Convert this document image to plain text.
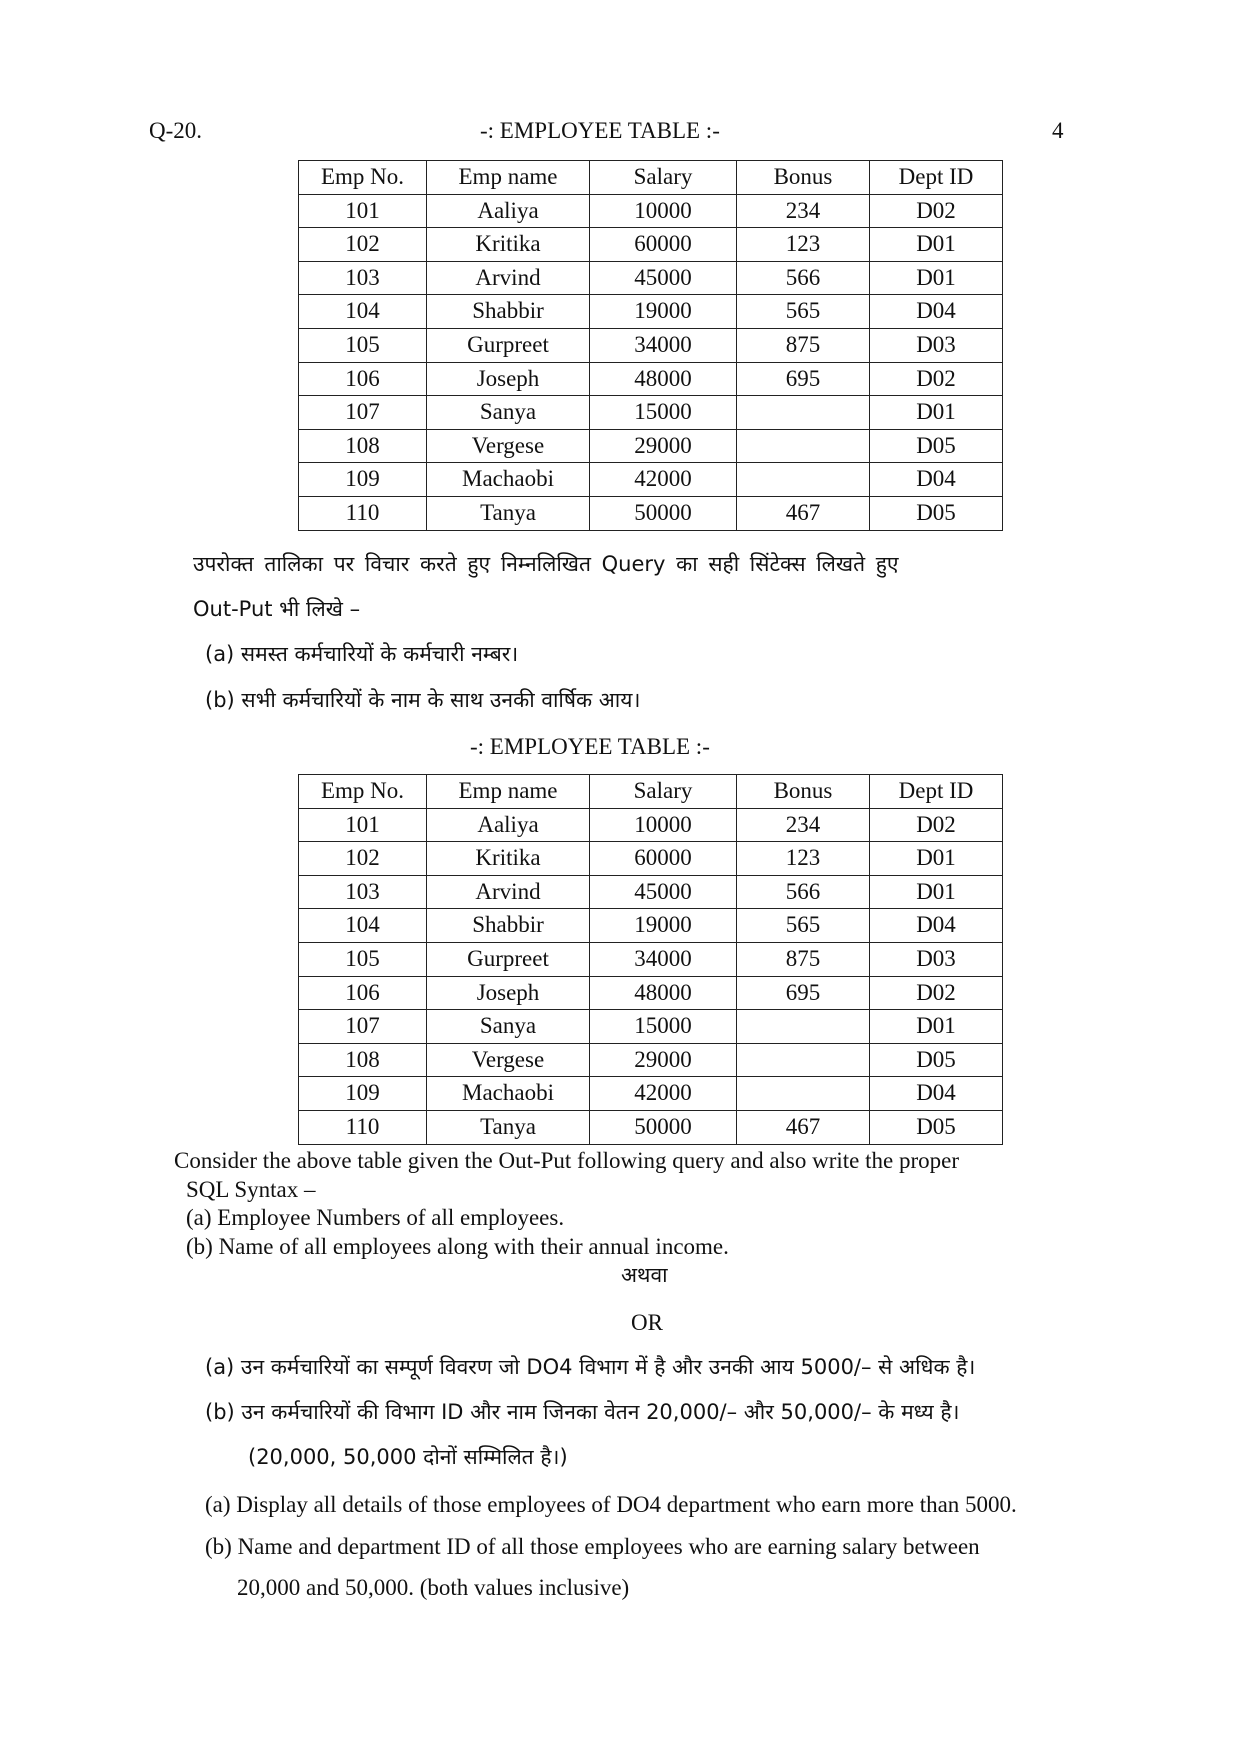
Q-20.	-: EMPLOYEE TABLE :-	4
Emp No.	Emp name	Salary	Bonus	Dept ID
101	Aaliya	10000	234	D02
102	Kritika	60000	123	D01
103	Arvind	45000	566	D01
104	Shabbir	19000	565	D04
105	Gurpreet	34000	875	D03
106	Joseph	48000	695	D02
107	Sanya	15000		D01
108	Vergese	29000		D05
109	Machaobi	42000		D04
110	Tanya	50000	467	D05
उपरोक्त तालिका पर विचार करते हुए निम्नलिखित Query का सही सिंटेक्स लिखते हुए
Out-Put भी लिखे –
(a) समस्त कर्मचारियों के कर्मचारी नम्बर।
(b) सभी कर्मचारियों के नाम के साथ उनकी वार्षिक आय।
-: EMPLOYEE TABLE :-
Emp No.	Emp name	Salary	Bonus	Dept ID
101	Aaliya	10000	234	D02
102	Kritika	60000	123	D01
103	Arvind	45000	566	D01
104	Shabbir	19000	565	D04
105	Gurpreet	34000	875	D03
106	Joseph	48000	695	D02
107	Sanya	15000		D01
108	Vergese	29000		D05
109	Machaobi	42000		D04
110	Tanya	50000	467	D05
Consider the above table given the Out-Put following query and also write the proper
SQL Syntax –
(a) Employee Numbers of all employees.
(b) Name of all employees along with their annual income.
अथवा
OR
(a) उन कर्मचारियों का सम्पूर्ण विवरण जो DO4 विभाग में है और उनकी आय 5000/– से अधिक है।
(b) उन कर्मचारियों की विभाग ID और नाम जिनका वेतन 20,000/– और 50,000/– के मध्य है।
(20,000, 50,000 दोनों सम्मिलित है।)
(a) Display all details of those employees of DO4 department who earn more than 5000.
(b) Name and department ID of all those employees who are earning salary between
20,000 and 50,000. (both values inclusive)
